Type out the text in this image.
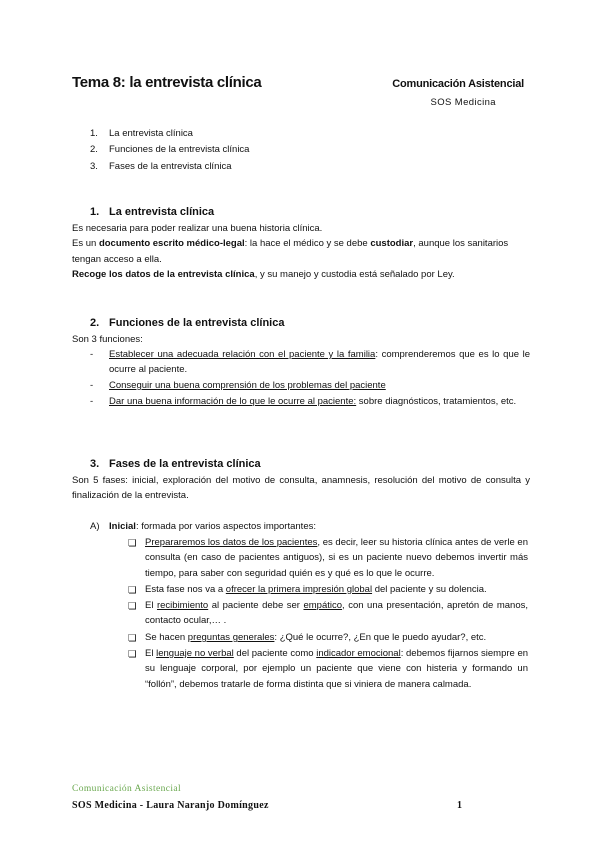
Tema 8: la entrevista clínica	Comunicación Asistencial
SOS Medicina
1. La entrevista clínica
2. Funciones de la entrevista clínica
3. Fases de la entrevista clínica
1. La entrevista clínica
Es necesaria para poder realizar una buena historia clínica.
Es un documento escrito médico-legal: la hace el médico y se debe custodiar, aunque los sanitarios tengan acceso a ella.
Recoge los datos de la entrevista clínica, y su manejo y custodia está señalado por Ley.
2. Funciones de la entrevista clínica
Son 3 funciones:
- Establecer una adecuada relación con el paciente y la familia: comprenderemos que es lo que le ocurre al paciente.
- Conseguir una buena comprensión de los problemas del paciente
- Dar una buena información de lo que le ocurre al paciente: sobre diagnósticos, tratamientos, etc.
3. Fases de la entrevista clínica
Son 5 fases: inicial, exploración del motivo de consulta, anamnesis, resolución del motivo de consulta y finalización de la entrevista.
A) Inicial: formada por varios aspectos importantes:
❏ Prepararemos los datos de los pacientes, es decir, leer su historia clínica antes de verle en consulta (en caso de pacientes antiguos), si es un paciente nuevo debemos invertir más tiempo, para saber con seguridad quién es y qué es lo que le ocurre.
❏ Esta fase nos va a ofrecer la primera impresión global del paciente y su dolencia.
❏ El recibimiento al paciente debe ser empático, con una presentación, apretón de manos, contacto ocular,… .
❏ Se hacen preguntas generales: ¿Qué le ocurre?, ¿En que le puedo ayudar?, etc.
❏ El lenguaje no verbal del paciente como indicador emocional: debemos fijarnos siempre en su lenguaje corporal, por ejemplo un paciente que viene con histeria y formando un “follón”, debemos tratarle de forma distinta que si viniera de manera calmada.
Comunicación Asistencial
SOS Medicina - Laura Naranjo Domínguez	1
